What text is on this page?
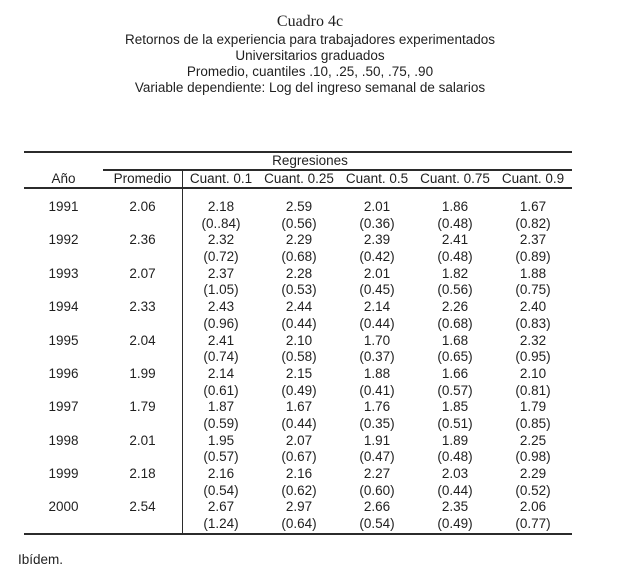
Cuadro 4c
Retornos de la experiencia para trabajadores experimentados
Universitarios graduados
Promedio, cuantiles .10, .25, .50, .75, .90
Variable dependiente: Log del ingreso semanal de salarios
Regresiones
Año	Promedio	Cuant. 0.1 Cuant. 0.25 Cuant. 0.5 Cuant. 0.75 Cuant. 0.9
1991	2.06	2.18	2.59	2.01	1.86	1.67
(0..84)	(0.56)	(0.36)	(0.48)	(0.82)
1992	2.36	2.32	2.29	2.39	2.41	2.37
(0.72)	(0.68)	(0.42)	(0.48)	(0.89)
1993	2.07	2.37	2.28	2.01	1.82	1.88
(1.05)	(0.53)	(0.45)	(0.56)	(0.75)
1994	2.33	2.43	2.44	2.14	2.26	2.40
(0.96)	(0.44)	(0.44)	(0.68)	(0.83)
1995	2.04	2.41	2.10	1.70	1.68	2.32
(0.74)	(0.58)	(0.37)	(0.65)	(0.95)
1996	1.99	2.14	2.15	1.88	1.66	2.10
(0.61)	(0.49)	(0.41)	(0.57)	(0.81)
1997	1.79	1.87	1.67	1.76	1.85	1.79
(0.59)	(0.44)	(0.35)	(0.51)	(0.85)
1998	2.01	1.95	2.07	1.91	1.89	2.25
(0.57)	(0.67)	(0.47)	(0.48)	(0.98)
1999	2.18	2.16	2.16	2.27	2.03	2.29
(0.54)	(0.62)	(0.60)	(0.44)	(0.52)
2000	2.54	2.67	2.97	2.66	2.35	2.06
(1.24)	(0.64)	(0.54)	(0.49)	(0.77)
Ibídem.
